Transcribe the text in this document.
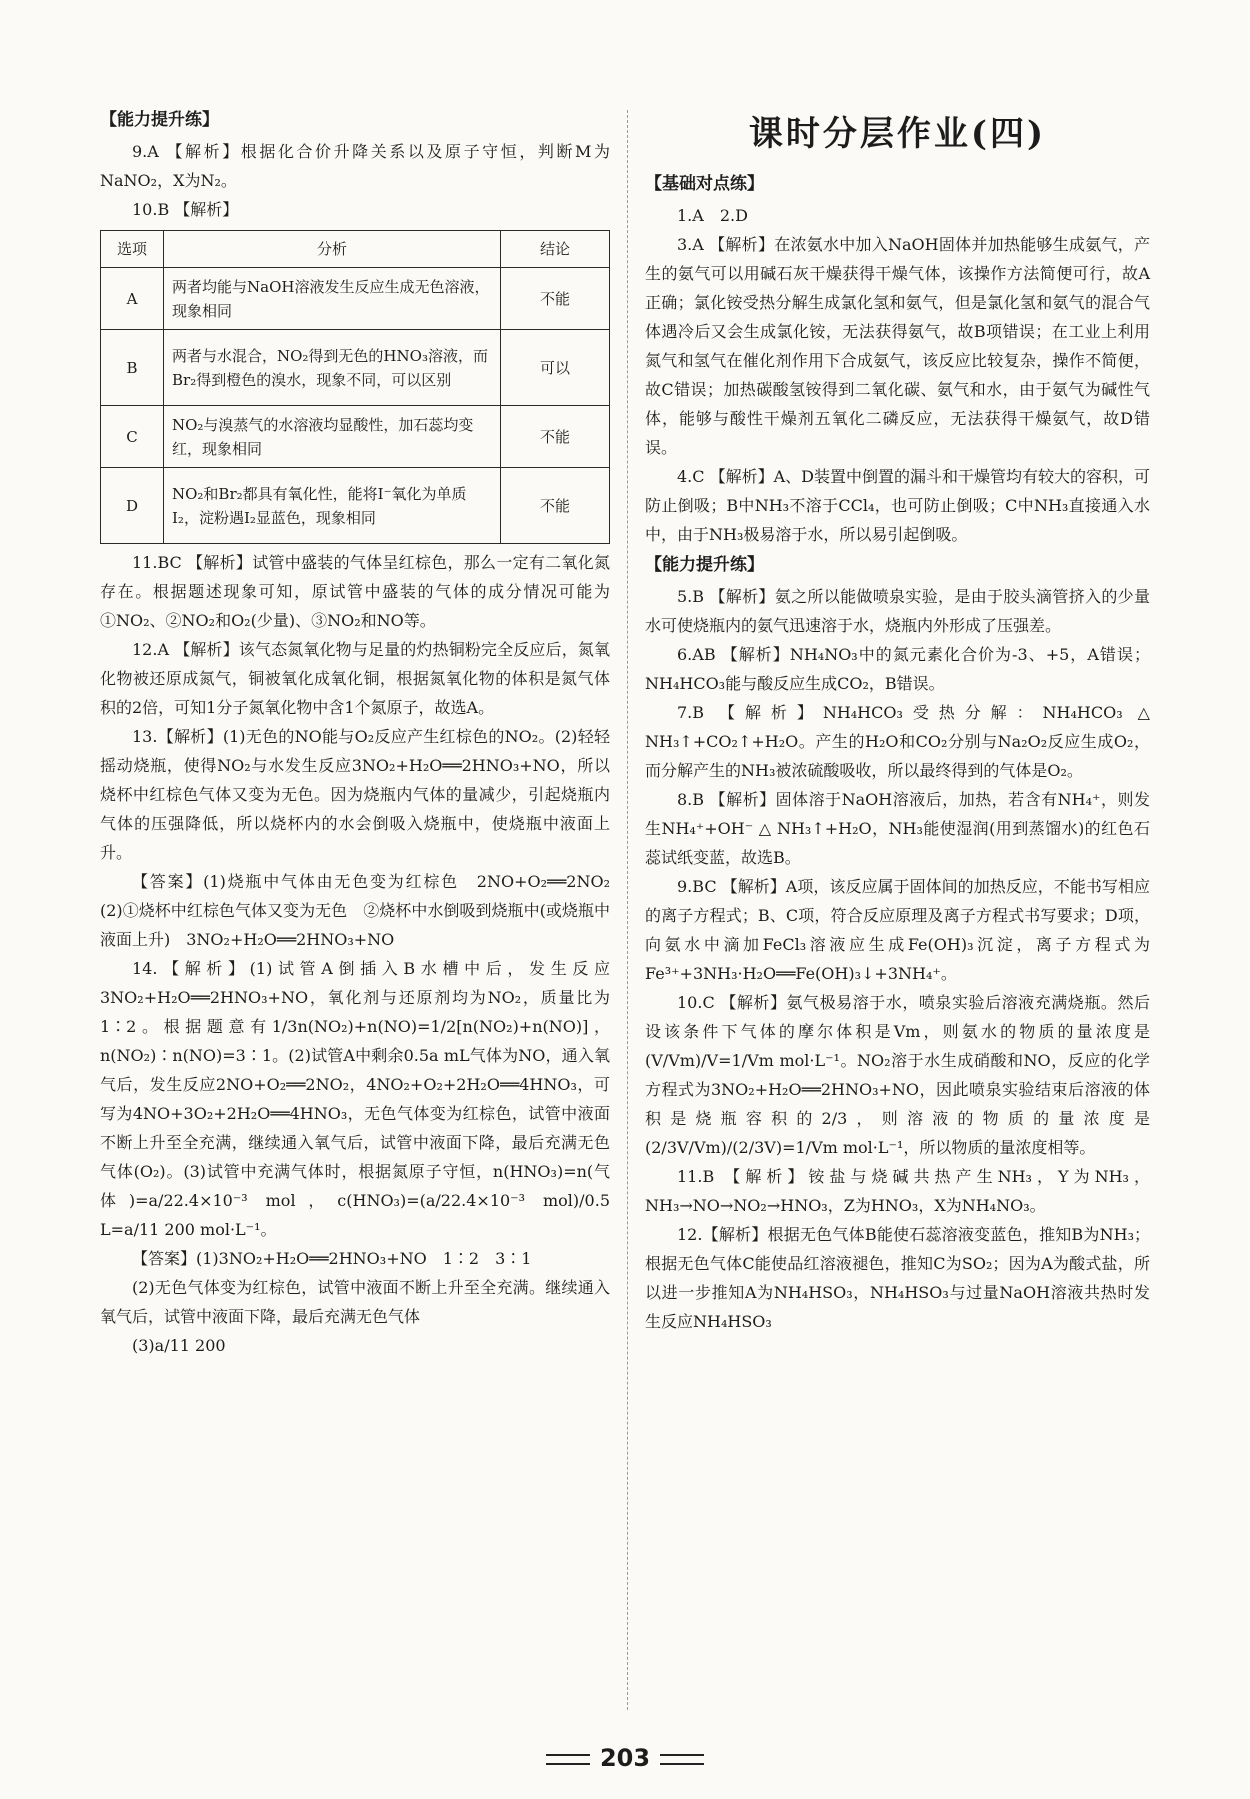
【能力提升练】

9.A 【解析】根据化合价升降关系以及原子守恒，判断M为NaNO₂，X为N₂。

10.B 【解析】

选项	分析	结论
A	两者均能与NaOH溶液发生反应生成无色溶液，现象相同	不能
B	两者与水混合，NO₂得到无色的HNO₃溶液，而Br₂得到橙色的溴水，现象不同，可以区别	可以
C	NO₂与溴蒸气的水溶液均显酸性，加石蕊均变红，现象相同	不能
D	NO₂和Br₂都具有氧化性，能将I⁻氧化为单质I₂，淀粉遇I₂显蓝色，现象相同	不能

11.BC 【解析】试管中盛装的气体呈红棕色，那么一定有二氧化氮存在。根据题述现象可知，原试管中盛装的气体的成分情况可能为①NO₂、②NO₂和O₂(少量)、③NO₂和NO等。

12.A 【解析】该气态氮氧化物与足量的灼热铜粉完全反应后，氮氧化物被还原成氮气，铜被氧化成氧化铜，根据氮氧化物的体积是氮气体积的2倍，可知1分子氮氧化物中含1个氮原子，故选A。

13.【解析】(1)无色的NO能与O₂反应产生红棕色的NO₂。(2)轻轻摇动烧瓶，使得NO₂与水发生反应3NO₂+H₂O══2HNO₃+NO，所以烧杯中红棕色气体又变为无色。因为烧瓶内气体的量减少，引起烧瓶内气体的压强降低，所以烧杯内的水会倒吸入烧瓶中，使烧瓶中液面上升。

【答案】(1)烧瓶中气体由无色变为红棕色　2NO+O₂══2NO₂　(2)①烧杯中红棕色气体又变为无色　②烧杯中水倒吸到烧瓶中(或烧瓶中液面上升)　3NO₂+H₂O══2HNO₃+NO

14.【解析】(1)试管A倒插入B水槽中后，发生反应3NO₂+H₂O══2HNO₃+NO，氧化剂与还原剂均为NO₂，质量比为1∶2。根据题意有1/3n(NO₂)+n(NO)=1/2[n(NO₂)+n(NO)]，n(NO₂)∶n(NO)=3∶1。(2)试管A中剩余0.5a mL气体为NO，通入氧气后，发生反应2NO+O₂══2NO₂，4NO₂+O₂+2H₂O══4HNO₃，可写为4NO+3O₂+2H₂O══4HNO₃，无色气体变为红棕色，试管中液面不断上升至全充满，继续通入氧气后，试管中液面下降，最后充满无色气体(O₂)。(3)试管中充满气体时，根据氮原子守恒，n(HNO₃)=n(气体)=a/22.4×10⁻³ mol，c(HNO₃)=(a/22.4×10⁻³ mol)/0.5 L=a/11 200 mol·L⁻¹。

【答案】(1)3NO₂+H₂O══2HNO₃+NO　1∶2　3∶1

(2)无色气体变为红棕色，试管中液面不断上升至全充满。继续通入氧气后，试管中液面下降，最后充满无色气体

(3)a/11 200

课时分层作业(四)
【基础对点练】

1.A　2.D

3.A 【解析】在浓氨水中加入NaOH固体并加热能够生成氨气，产生的氨气可以用碱石灰干燥获得干燥气体，该操作方法简便可行，故A正确；氯化铵受热分解生成氯化氢和氨气，但是氯化氢和氨气的混合气体遇冷后又会生成氯化铵，无法获得氨气，故B项错误；在工业上利用氮气和氢气在催化剂作用下合成氨气，该反应比较复杂，操作不简便，故C错误；加热碳酸氢铵得到二氧化碳、氨气和水，由于氨气为碱性气体，能够与酸性干燥剂五氧化二磷反应，无法获得干燥氨气，故D错误。

4.C 【解析】A、D装置中倒置的漏斗和干燥管均有较大的容积，可防止倒吸；B中NH₃不溶于CCl₄，也可防止倒吸；C中NH₃直接通入水中，由于NH₃极易溶于水，所以易引起倒吸。

【能力提升练】

5.B 【解析】氨之所以能做喷泉实验，是由于胶头滴管挤入的少量水可使烧瓶内的氨气迅速溶于水，烧瓶内外形成了压强差。

6.AB 【解析】NH₄NO₃中的氮元素化合价为-3、+5，A错误；NH₄HCO₃能与酸反应生成CO₂，B错误。

7.B 【解析】NH₄HCO₃受热分解：NH₄HCO₃ △ NH₃↑+CO₂↑+H₂O。产生的H₂O和CO₂分别与Na₂O₂反应生成O₂，而分解产生的NH₃被浓硫酸吸收，所以最终得到的气体是O₂。

8.B 【解析】固体溶于NaOH溶液后，加热，若含有NH₄⁺，则发生NH₄⁺+OH⁻ △ NH₃↑+H₂O，NH₃能使湿润(用到蒸馏水)的红色石蕊试纸变蓝，故选B。

9.BC 【解析】A项，该反应属于固体间的加热反应，不能书写相应的离子方程式；B、C项，符合反应原理及离子方程式书写要求；D项，向氨水中滴加FeCl₃溶液应生成Fe(OH)₃沉淀，离子方程式为Fe³⁺+3NH₃·H₂O══Fe(OH)₃↓+3NH₄⁺。

10.C 【解析】氨气极易溶于水，喷泉实验后溶液充满烧瓶。然后设该条件下气体的摩尔体积是Vm，则氨水的物质的量浓度是(V/Vm)/V=1/Vm mol·L⁻¹。NO₂溶于水生成硝酸和NO，反应的化学方程式为3NO₂+H₂O══2HNO₃+NO，因此喷泉实验结束后溶液的体积是烧瓶容积的2/3，则溶液的物质的量浓度是(2/3V/Vm)/(2/3V)=1/Vm mol·L⁻¹，所以物质的量浓度相等。

11.B 【解析】铵盐与烧碱共热产生NH₃，Y为NH₃，NH₃→NO→NO₂→HNO₃，Z为HNO₃，X为NH₄NO₃。

12.【解析】根据无色气体B能使石蕊溶液变蓝色，推知B为NH₃；根据无色气体C能使品红溶液褪色，推知C为SO₂；因为A为酸式盐，所以进一步推知A为NH₄HSO₃，NH₄HSO₃与过量NaOH溶液共热时发生反应NH₄HSO₃

203
